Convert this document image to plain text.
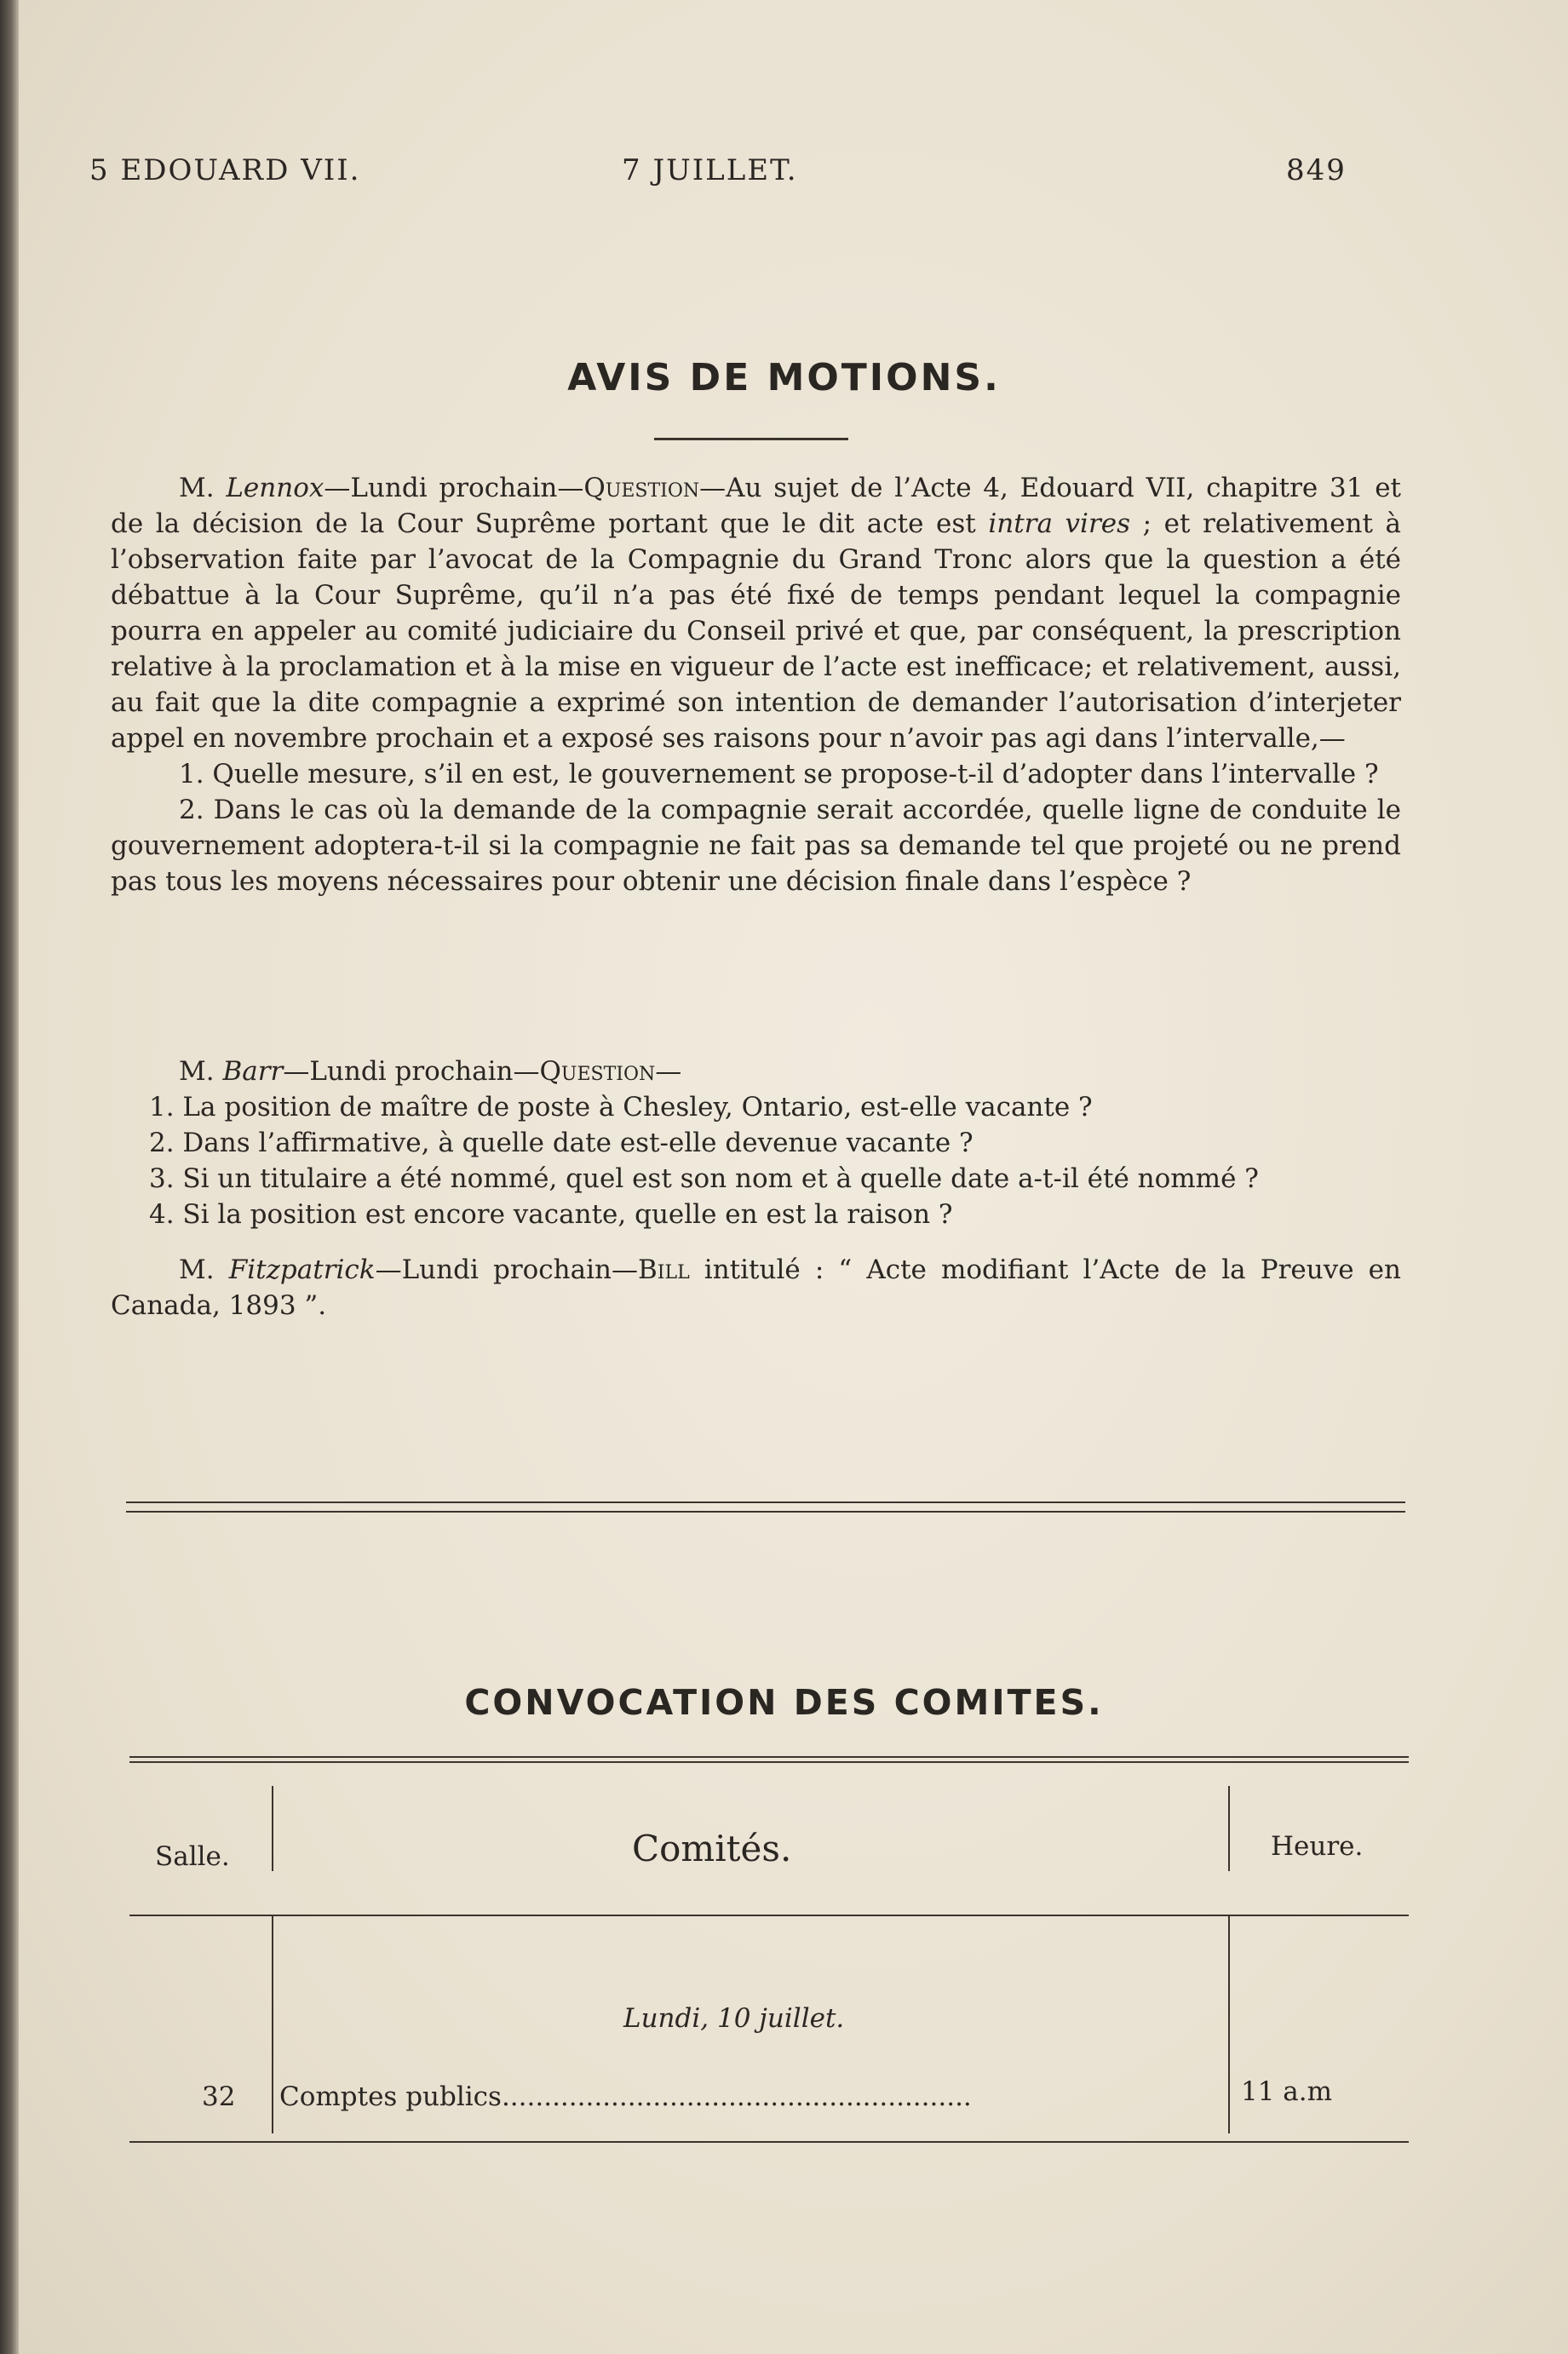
5 EDOUARD VII.	7 JUILLET.	849
AVIS DE MOTIONS.

M. Lennox—Lundi prochain—Question—Au sujet de l’Acte 4, Edouard VII, chapitre 31 et de la décision de la Cour Suprême portant que le dit acte est intra vires ; et relativement à l’observation faite par l’avocat de la Compagnie du Grand Tronc alors que la question a été débattue à la Cour Suprême, qu’il n’a pas été fixé de temps pendant lequel la compagnie pourra en appeler au comité judiciaire du Conseil privé et que, par conséquent, la prescription relative à la proclamation et à la mise en vigueur de l’acte est inefficace; et relativement, aussi, au fait que la dite compagnie a exprimé son intention de demander l’autorisation d’interjeter appel en novembre prochain et a exposé ses raisons pour n’avoir pas agi dans l’intervalle,—

1. Quelle mesure, s’il en est, le gouvernement se propose-t-il d’adopter dans l’intervalle ?

2. Dans le cas où la demande de la compagnie serait accordée, quelle ligne de conduite le gouvernement adoptera-t-il si la compagnie ne fait pas sa demande tel que projeté ou ne prend pas tous les moyens nécessaires pour obtenir une décision finale dans l’espèce ?

M. Barr—Lundi prochain—Question—

1. La position de maître de poste à Chesley, Ontario, est-elle vacante ?

2. Dans l’affirmative, à quelle date est-elle devenue vacante ?

3. Si un titulaire a été nommé, quel est son nom et à quelle date a-t-il été nommé ?

4. Si la position est encore vacante, quelle en est la raison ?

M. Fitzpatrick—Lundi prochain—Bill intitulé : “ Acte modifiant l’Acte de la Preuve en Canada, 1893 ”.

CONVOCATION DES COMITES.
Salle.	Comités.	Heure.
Lundi, 10 juillet.
32 Comptes publics........................................................	11 a.m
